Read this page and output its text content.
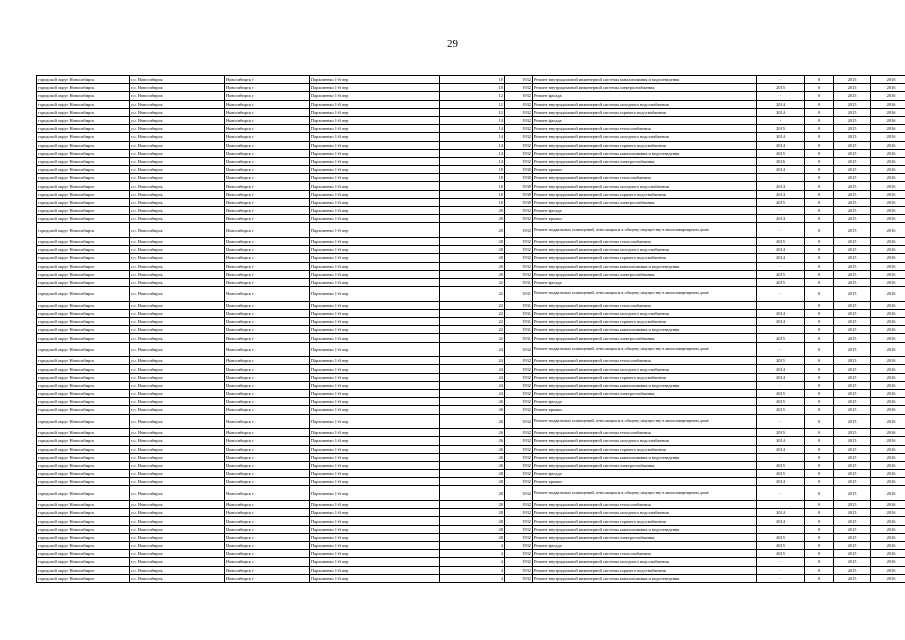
29
городской округ Новосибирск	г.о. Новосибирск	Новосибирск г	Пархоменко 1-й пер	10	1932	Ремонт внутридомовой инженерной системы канализования и водоотведения	-	0	2015	2016
городской округ Новосибирск	г.о. Новосибирск	Новосибирск г	Пархоменко 1-й пер	10	1932	Ремонт внутридомовой инженерной системы электроснабжения	2015	0	2015	2016
городской округ Новосибирск	г.о. Новосибирск	Новосибирск г	Пархоменко 1-й пер	12	1932	Ремонт фасада	-	0	2015	2016
городской округ Новосибирск	г.о. Новосибирск	Новосибирск г	Пархоменко 1-й пер	12	1932	Ремонт внутридомовой инженерной системы холодного водоснабжения	2014	0	2015	2016
городской округ Новосибирск	г.о. Новосибирск	Новосибирск г	Пархоменко 1-й пер	12	1932	Ремонт внутридомовой инженерной системы горячего водоснабжения	2014	0	2015	2016
городской округ Новосибирск	г.о. Новосибирск	Новосибирск г	Пархоменко 1-й пер	14	1932	Ремонт фасада	-	0	2015	2016
городской округ Новосибирск	г.о. Новосибирск	Новосибирск г	Пархоменко 1-й пер	14	1932	Ремонт внутридомовой инженерной системы теплоснабжения	2015	0	2015	2016
городской округ Новосибирск	г.о. Новосибирск	Новосибирск г	Пархоменко 1-й пер	14	1932	Ремонт внутридомовой инженерной системы холодного водоснабжения	2014	0	2015	2016
городской округ Новосибирск	г.о. Новосибирск	Новосибирск г	Пархоменко 1-й пер	14	1932	Ремонт внутридомовой инженерной системы горячего водоснабжения	2014	0	2015	2016
городской округ Новосибирск	г.о. Новосибирск	Новосибирск г	Пархоменко 1-й пер	14	1932	Ремонт внутридомовой инженерной системы канализования и водоотведения	2015	0	2015	2016
городской округ Новосибирск	г.о. Новосибирск	Новосибирск г	Пархоменко 1-й пер	14	1932	Ремонт внутридомовой инженерной системы электроснабжения	2016	0	2015	2016
городской округ Новосибирск	г.о. Новосибирск	Новосибирск г	Пархоменко 1-й пер	18	1930	Ремонт крыши	2014	0	2015	2016
городской округ Новосибирск	г.о. Новосибирск	Новосибирск г	Пархоменко 1-й пер	18	1930	Ремонт внутридомовой инженерной системы теплоснабжения	-	0	2015	2016
городской округ Новосибирск	г.о. Новосибирск	Новосибирск г	Пархоменко 1-й пер	18	1930	Ремонт внутридомовой инженерной системы холодного водоснабжения	2014	0	2015	2016
городской округ Новосибирск	г.о. Новосибирск	Новосибирск г	Пархоменко 1-й пер	18	1930	Ремонт внутридомовой инженерной системы горячего водоснабжения	2014	0	2015	2016
городской округ Новосибирск	г.о. Новосибирск	Новосибирск г	Пархоменко 1-й пер	18	1930	Ремонт внутридомовой инженерной системы электроснабжения	2015	0	2015	2016
городской округ Новосибирск	г.о. Новосибирск	Новосибирск г	Пархоменко 1-й пер	20	1932	Ремонт фасада	-	0	2015	2016
городской округ Новосибирск	г.о. Новосибирск	Новосибирск г	Пархоменко 1-й пер	20	1932	Ремонт крыши	2014	0	2015	2016
городской округ Новосибирск	г.о. Новосибирск	Новосибирск г	Пархоменко 1-й пер	20	1932	Ремонт подвальных помещений, относящихся к общему имуществу в многоквартирном доме	-	0	2015	2016
городской округ Новосибирск	г.о. Новосибирск	Новосибирск г	Пархоменко 1-й пер	20	1932	Ремонт внутридомовой инженерной системы теплоснабжения	2015	0	2015	2016
городской округ Новосибирск	г.о. Новосибирск	Новосибирск г	Пархоменко 1-й пер	20	1932	Ремонт внутридомовой инженерной системы холодного водоснабжения	2014	0	2015	2016
городской округ Новосибирск	г.о. Новосибирск	Новосибирск г	Пархоменко 1-й пер	20	1932	Ремонт внутридомовой инженерной системы горячего водоснабжения	2014	0	2015	2016
городской округ Новосибирск	г.о. Новосибирск	Новосибирск г	Пархоменко 1-й пер	20	1932	Ремонт внутридомовой инженерной системы канализования и водоотведения	-	0	2015	2016
городской округ Новосибирск	г.о. Новосибирск	Новосибирск г	Пархоменко 1-й пер	20	1932	Ремонт внутридомовой инженерной системы электроснабжения	2015	0	2015	2016
городской округ Новосибирск	г.о. Новосибирск	Новосибирск г	Пархоменко 1-й пер	22	1931	Ремонт фасада	2015	0	2015	2016
городской округ Новосибирск	г.о. Новосибирск	Новосибирск г	Пархоменко 1-й пер	22	1931	Ремонт подвальных помещений, относящихся к общему имуществу в многоквартирном доме	-	0	2015	2016
городской округ Новосибирск	г.о. Новосибирск	Новосибирск г	Пархоменко 1-й пер	22	1931	Ремонт внутридомовой инженерной системы теплоснабжения		0	2015	2016
городской округ Новосибирск	г.о. Новосибирск	Новосибирск г	Пархоменко 1-й пер	22	1931	Ремонт внутридомовой инженерной системы холодного водоснабжения	2014	0	2015	2016
городской округ Новосибирск	г.о. Новосибирск	Новосибирск г	Пархоменко 1-й пер	22	1931	Ремонт внутридомовой инженерной системы горячего водоснабжения	2014	0	2015	2016
городской округ Новосибирск	г.о. Новосибирск	Новосибирск г	Пархоменко 1-й пер	22	1931	Ремонт внутридомовой инженерной системы канализования и водоотведения		0	2015	2016
городской округ Новосибирск	г.о. Новосибирск	Новосибирск г	Пархоменко 1-й пер	22	1931	Ремонт внутридомовой инженерной системы электроснабжения	2015	0	2015	2016
городской округ Новосибирск	г.о. Новосибирск	Новосибирск г	Пархоменко 1-й пер	24	1932	Ремонт подвальных помещений, относящихся к общему имуществу в многоквартирном доме	-	0	2015	2016
городской округ Новосибирск	г.о. Новосибирск	Новосибирск г	Пархоменко 1-й пер	24	1932	Ремонт внутридомовой инженерной системы теплоснабжения	2015	0	2015	2016
городской округ Новосибирск	г.о. Новосибирск	Новосибирск г	Пархоменко 1-й пер	24	1932	Ремонт внутридомовой инженерной системы холодного водоснабжения	2014	0	2015	2016
городской округ Новосибирск	г.о. Новосибирск	Новосибирск г	Пархоменко 1-й пер	24	1932	Ремонт внутридомовой инженерной системы горячего водоснабжения	2014	0	2015	2016
городской округ Новосибирск	г.о. Новосибирск	Новосибирск г	Пархоменко 1-й пер	24	1932	Ремонт внутридомовой инженерной системы канализования и водоотведения	-	0	2015	2016
городской округ Новосибирск	г.о. Новосибирск	Новосибирск г	Пархоменко 1-й пер	24	1932	Ремонт внутридомовой инженерной системы электроснабжения	2015	0	2015	2016
городской округ Новосибирск	г.о. Новосибирск	Новосибирск г	Пархоменко 1-й пер	26	1932	Ремонт фасада	2015	0	2015	2016
городской округ Новосибирск	г.о. Новосибирск	Новосибирск г	Пархоменко 1-й пер	26	1932	Ремонт крыши	2015	0	2015	2016
городской округ Новосибирск	г.о. Новосибирск	Новосибирск г	Пархоменко 1-й пер	26	1932	Ремонт подвальных помещений, относящихся к общему имуществу в многоквартирном доме	-	0	2015	2016
городской округ Новосибирск	г.о. Новосибирск	Новосибирск г	Пархоменко 1-й пер	26	1932	Ремонт внутридомовой инженерной системы теплоснабжения	2015	0	2015	2016
городской округ Новосибирск	г.о. Новосибирск	Новосибирск г	Пархоменко 1-й пер	26	1932	Ремонт внутридомовой инженерной системы холодного водоснабжения	2014	0	2015	2016
городской округ Новосибирск	г.о. Новосибирск	Новосибирск г	Пархоменко 1-й пер	26	1932	Ремонт внутридомовой инженерной системы горячего водоснабжения	2014	0	2015	2016
городской округ Новосибирск	г.о. Новосибирск	Новосибирск г	Пархоменко 1-й пер	26	1932	Ремонт внутридомовой инженерной системы канализования и водоотведения	-	0	2015	2016
городской округ Новосибирск	г.о. Новосибирск	Новосибирск г	Пархоменко 1-й пер	26	1932	Ремонт внутридомовой инженерной системы электроснабжения	2015	0	2015	2016
городской округ Новосибирск	г.о. Новосибирск	Новосибирск г	Пархоменко 1-й пер	28	1932	Ремонт фасада	2015	0	2015	2016
городской округ Новосибирск	г.о. Новосибирск	Новосибирск г	Пархоменко 1-й пер	28	1932	Ремонт крыши	2014	0	2015	2016
городской округ Новосибирск	г.о. Новосибирск	Новосибирск г	Пархоменко 1-й пер	28	1932	Ремонт подвальных помещений, относящихся к общему имуществу в многоквартирном доме	-	0	2015	2016
городской округ Новосибирск	г.о. Новосибирск	Новосибирск г	Пархоменко 1-й пер	28	1932	Ремонт внутридомовой инженерной системы теплоснабжения		0	2015	2016
городской округ Новосибирск	г.о. Новосибирск	Новосибирск г	Пархоменко 1-й пер	28	1932	Ремонт внутридомовой инженерной системы холодного водоснабжения	2014	0	2015	2016
городской округ Новосибирск	г.о. Новосибирск	Новосибирск г	Пархоменко 1-й пер	28	1932	Ремонт внутридомовой инженерной системы горячего водоснабжения	2014	0	2015	2016
городской округ Новосибирск	г.о. Новосибирск	Новосибирск г	Пархоменко 1-й пер	28	1932	Ремонт внутридомовой инженерной системы канализования и водоотведения	-	0	2015	2016
городской округ Новосибирск	г.о. Новосибирск	Новосибирск г	Пархоменко 1-й пер	28	1932	Ремонт внутридомовой инженерной системы электроснабжения	2015	0	2015	2016
городской округ Новосибирск	г.о. Новосибирск	Новосибирск г	Пархоменко 1-й пер	4	1932	Ремонт фасада	2015	0	2015	2016
городской округ Новосибирск	г.о. Новосибирск	Новосибирск г	Пархоменко 1-й пер	4	1932	Ремонт внутридомовой инженерной системы теплоснабжения	2015	0	2015	2016
городской округ Новосибирск	г.о. Новосибирск	Новосибирск г	Пархоменко 1-й пер	4	1932	Ремонт внутридомовой инженерной системы холодного водоснабжения	-	0	2015	2016
городской округ Новосибирск	г.о. Новосибирск	Новосибирск г	Пархоменко 1-й пер	4	1932	Ремонт внутридомовой инженерной системы горячего водоснабжения	-	0	2015	2016
городской округ Новосибирск	г.о. Новосибирск	Новосибирск г	Пархоменко 1-й пер	4	1932	Ремонт внутридомовой инженерной системы канализования и водоотведения	-	0	2015	2016
